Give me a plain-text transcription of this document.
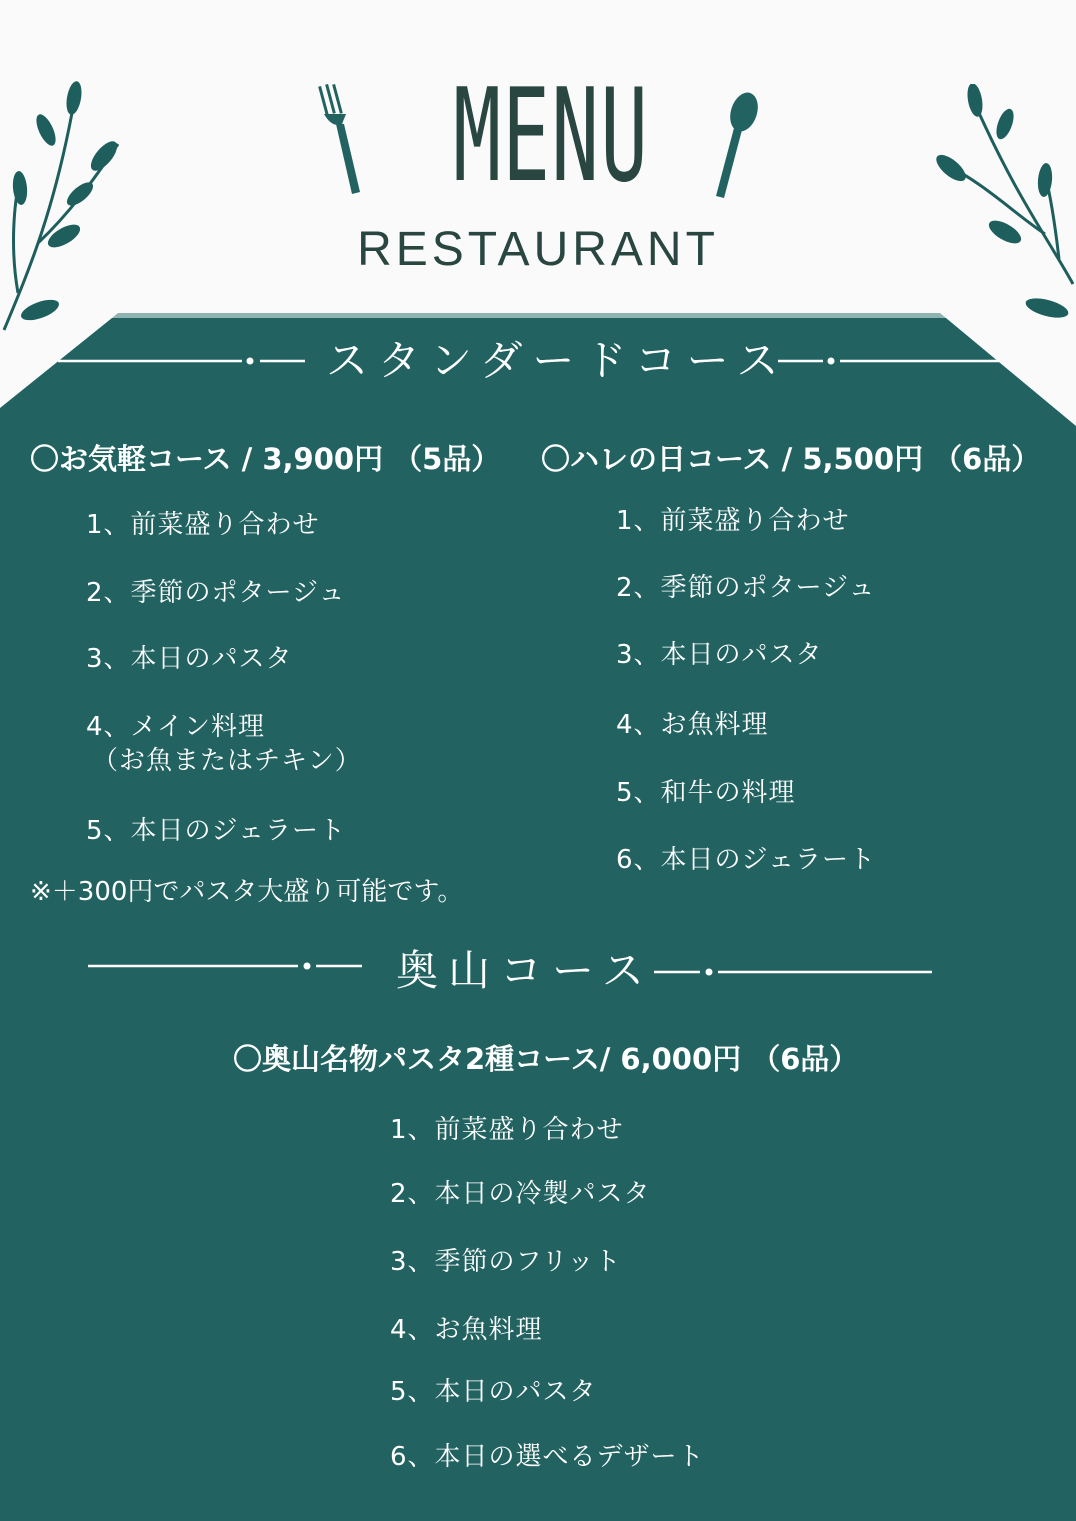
MENU
RESTAURANT
スタンダードコース
〇お気軽コース / 3,900円 （5品）
1、前菜盛り合わせ
2、季節のポタージュ
3、本日のパスタ
4、メイン料理
（お魚またはチキン）
5、本日のジェラート
※＋300円でパスタ大盛り可能です。
〇ハレの日コース / 5,500円 （6品）
1、前菜盛り合わせ
2、季節のポタージュ
3、本日のパスタ
4、お魚料理
5、和牛の料理
6、本日のジェラート
奥山コース
〇奥山名物パスタ2種コース/ 6,000円 （6品）
1、前菜盛り合わせ
2、本日の冷製パスタ
3、季節のフリット
4、お魚料理
5、本日のパスタ
6、本日の選べるデザート
